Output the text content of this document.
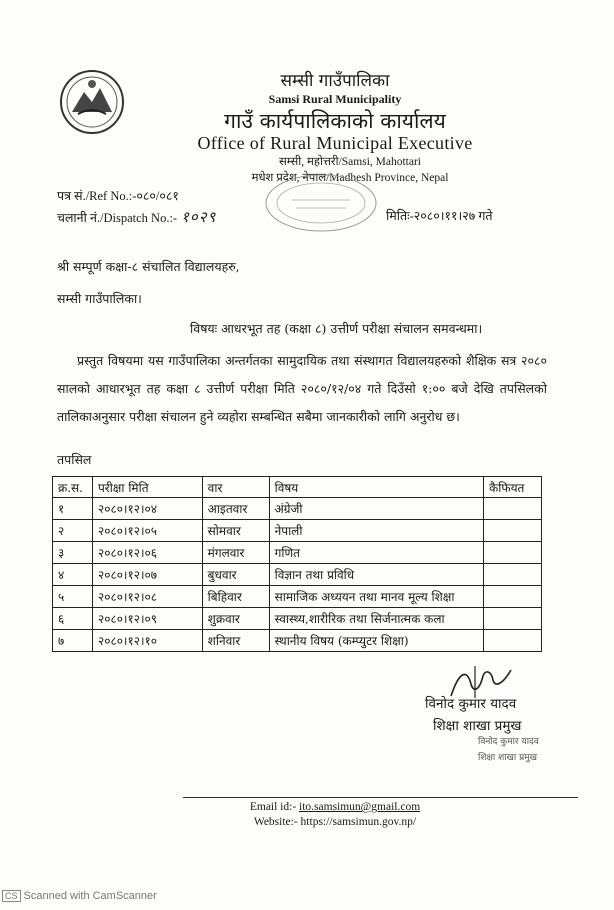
सम्सी गाउँपालिका
Samsi Rural Municipality
गाउँ कार्यपालिकाको कार्यालय
Office of Rural Municipal Executive
सम्सी, महोत्तरी/Samsi, Mahottari
मधेश प्रदेश, नेपाल/Madhesh Province, Nepal
पत्र सं./Ref No.:-०८०/०८१
चलानी नं./Dispatch No.:- १०२९	मितिः-२०८०।११।२७ गते
श्री सम्पूर्ण कक्षा-८ संचालित विद्यालयहरु,
सम्सी गाउँपालिका।
विषयः आधरभूत तह (कक्षा ८) उत्तीर्ण परीक्षा संचालन समवन्धमा।
प्रस्तुत विषयमा यस गाउँपालिका अन्तर्गतका सामुदायिक तथा संस्थागत विद्यालयहरुको शैक्षिक सत्र २०८० सालको आधारभूत तह कक्षा ८ उत्तीर्ण परीक्षा मिति २०८०/१२/०४ गते दिउँसो १:०० बजे देखि तपसिलको तालिकाअनुसार परीक्षा संचालन हुने व्यहोरा सम्बन्धित सबैमा जानकारीको लागि अनुरोध छ।
तपसिल
क्र.स.	परीक्षा मिति	वार	विषय	कैफियत
१	२०८०।१२।०४	आइतवार	अंग्रेजी	
२	२०८०।१२।०५	सोमवार	नेपाली	
३	२०८०।१२।०६	मंगलवार	गणित	
४	२०८०।१२।०७	बुधवार	विज्ञान तथा प्रविधि	
५	२०८०।१२।०८	बिहिवार	सामाजिक अध्ययन तथा मानव मूल्य शिक्षा	
६	२०८०।१२।०९	शुक्रवार	स्वास्थ्य,शारीरिक तथा सिर्जनात्मक कला	
७	२०८०।१२।१०	शनिवार	स्थानीय विषय (कम्प्युटर शिक्षा)	
विनोद कुमार यादव
शिक्षा शाखा प्रमुख
विनोद कुमार यादव
शिक्षा शाखा प्रमुख
Email id:- ito.samsimun@gmail.com
Website:- https://samsimun.gov.np/
CS Scanned with CamScanner
